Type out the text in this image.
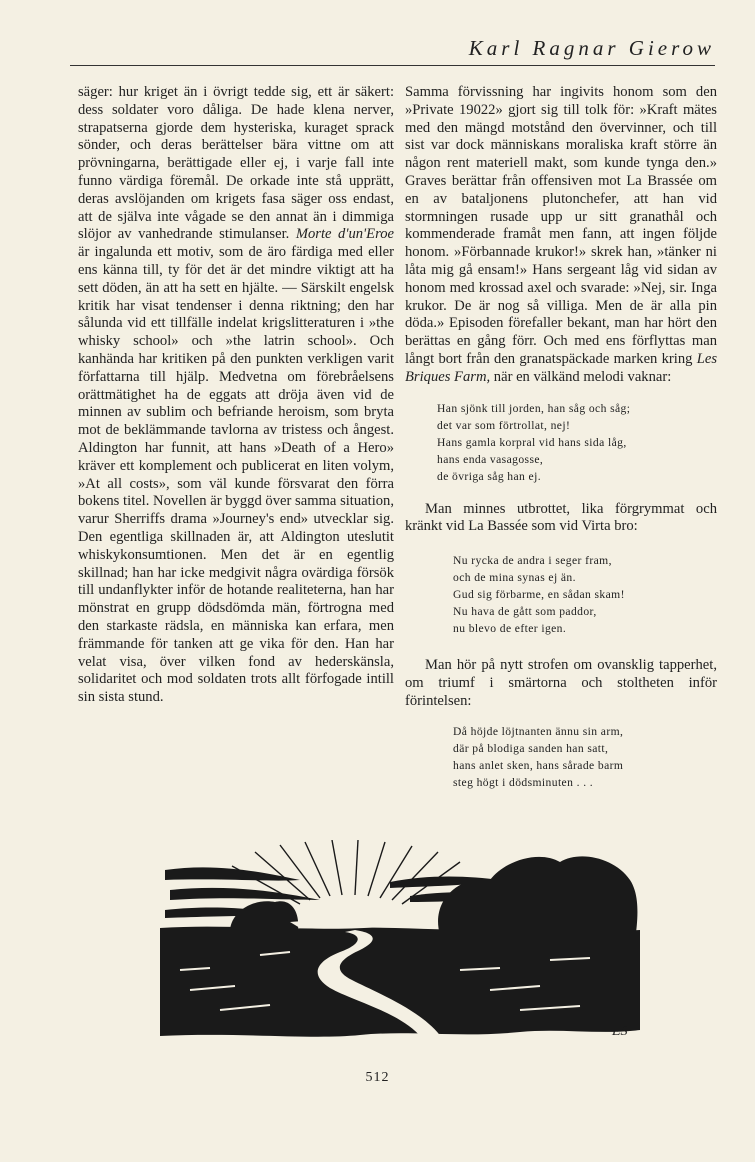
Karl Ragnar Gierow

säger: hur kriget än i övrigt tedde sig, ett är säkert: dess soldater voro dåliga. De hade klena nerver, strapatserna gjorde dem hysteriska, kuraget sprack sönder, och deras berättelser bära vittne om att prövningarna, berättigade eller ej, i varje fall inte funno värdiga föremål. De orkade inte stå upprätt, deras avslöjanden om krigets fasa säger oss endast, att de själva inte vågade se den annat än i dimmiga slöjor av vanhedrande stimulanser. Morte d'un'Eroe är ingalunda ett motiv, som de äro färdiga med eller ens känna till, ty för det är det mindre viktigt att ha sett döden, än att ha sett en hjälte. — Särskilt engelsk kritik har visat tendenser i denna riktning; den har sålunda vid ett tillfälle indelat krigslitteraturen i »the whisky school» och »the latrin school». Och kanhända har kritiken på den punkten verkligen varit författarna till hjälp. Medvetna om förebråelsens orättmätighet ha de eggats att dröja även vid de minnen av sublim och befriande heroism, som bryta mot de beklämmande tavlorna av tristess och ångest. Aldington har funnit, att hans »Death of a Hero» kräver ett komplement och publicerat en liten volym, »At all costs», som väl kunde försvarat den förra bokens titel. Novellen är byggd över samma situation, varur Sherriffs drama »Journey's end» utvecklar sig. Den egentliga skillnaden är, att Aldington uteslutit whiskykonsumtionen. Men det är en egentlig skillnad; han har icke medgivit några ovärdiga försök till undanflykter inför de hotande realiteterna, han har mönstrat en grupp dödsdömda män, förtrogna med den starkaste rädsla, en människa kan erfara, men främmande för tanken att ge vika för den. Han har velat visa, över vilken fond av hederskänsla, solidaritet och mod soldaten trots allt förfogade intill sin sista stund.

Samma förvissning har ingivits honom som den »Private 19022» gjort sig till tolk för: »Kraft mätes med den mängd motstånd den övervinner, och till sist var dock människans moraliska kraft större än någon rent materiell makt, som kunde tynga den.» Graves berättar från offensiven mot La Brassée om en av bataljonens plutonchefer, att han vid stormningen rusade upp ur sitt granathål och kommenderade framåt men fann, att ingen följde honom. »Förbannade krukor!» skrek han, »tänker ni låta mig gå ensam!» Hans sergeant låg vid sidan av honom med krossad axel och svarade: »Nej, sir. Inga krukor. De är nog så villiga. Men de är alla pin döda.» Episoden förefaller bekant, man har hört den berättas en gång förr. Och med ens förflyttas man långt bort från den granatspäckade marken kring Les Briques Farm, när en välkänd melodi vaknar:

Han sjönk till jorden, han såg och såg;
det var som förtrollat, nej!
Hans gamla korpral vid hans sida låg,
hans enda vasagosse,
de övriga såg han ej.

Man minnes utbrottet, lika förgrymmat och kränkt vid La Bassée som vid Virta bro:

Nu rycka de andra i seger fram,
och de mina synas ej än.
Gud sig förbarme, en sådan skam!
Nu hava de gått som paddor,
nu blevo de efter igen.

Man hör på nytt strofen om ovansklig tapperhet, om triumf i smärtorna och stoltheten inför förintelsen:

Då höjde löjtnanten ännu sin arm,
där på blodiga sanden han satt,
hans anlet sken, hans sårade barm
steg högt i dödsminuten . . .
ES
512
